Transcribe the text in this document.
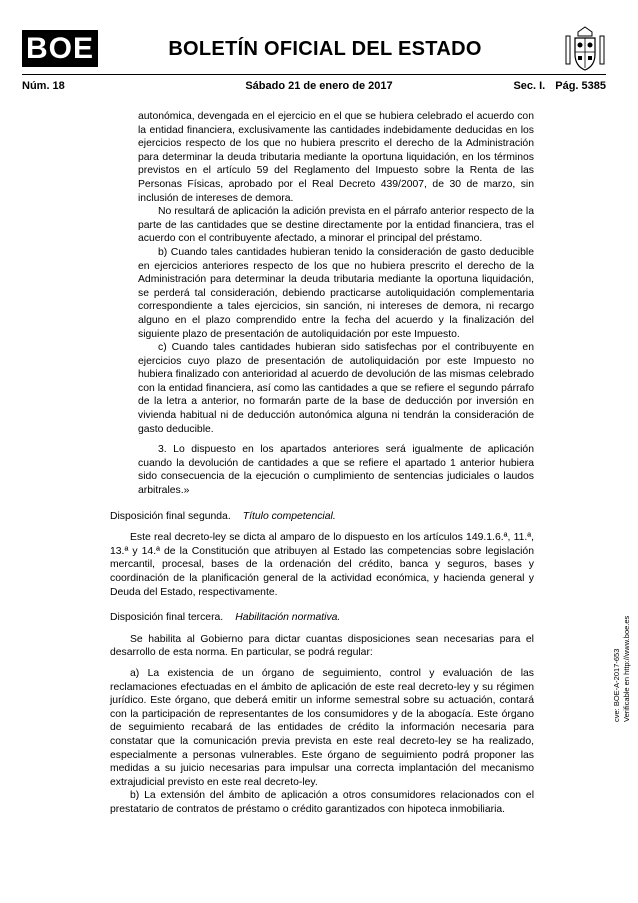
BOE	BOLETÍN OFICIAL DEL ESTADO
Núm. 18	Sábado 21 de enero de 2017	Sec. I. Pág. 5385

autonómica, devengada en el ejercicio en el que se hubiera celebrado el acuerdo con la entidad financiera, exclusivamente las cantidades indebidamente deducidas en los ejercicios respecto de los que no hubiera prescrito el derecho de la Administración para determinar la deuda tributaria mediante la oportuna liquidación, en los términos previstos en el artículo 59 del Reglamento del Impuesto sobre la Renta de las Personas Físicas, aprobado por el Real Decreto 439/2007, de 30 de marzo, sin inclusión de intereses de demora.

No resultará de aplicación la adición prevista en el párrafo anterior respecto de la parte de las cantidades que se destine directamente por la entidad financiera, tras el acuerdo con el contribuyente afectado, a minorar el principal del préstamo.

b) Cuando tales cantidades hubieran tenido la consideración de gasto deducible en ejercicios anteriores respecto de los que no hubiera prescrito el derecho de la Administración para determinar la deuda tributaria mediante la oportuna liquidación, se perderá tal consideración, debiendo practicarse autoliquidación complementaria correspondiente a tales ejercicios, sin sanción, ni intereses de demora, ni recargo alguno en el plazo comprendido entre la fecha del acuerdo y la finalización del siguiente plazo de presentación de autoliquidación por este Impuesto.

c) Cuando tales cantidades hubieran sido satisfechas por el contribuyente en ejercicios cuyo plazo de presentación de autoliquidación por este Impuesto no hubiera finalizado con anterioridad al acuerdo de devolución de las mismas celebrado con la entidad financiera, así como las cantidades a que se refiere el segundo párrafo de la letra a anterior, no formarán parte de la base de deducción por inversión en vivienda habitual ni de deducción autonómica alguna ni tendrán la consideración de gasto deducible.

3. Lo dispuesto en los apartados anteriores será igualmente de aplicación cuando la devolución de cantidades a que se refiere el apartado 1 anterior hubiera sido consecuencia de la ejecución o cumplimiento de sentencias judiciales o laudos arbitrales.»

Disposición final segunda. Título competencial.

Este real decreto-ley se dicta al amparo de lo dispuesto en los artículos 149.1.6.ª, 11.ª, 13.ª y 14.ª de la Constitución que atribuyen al Estado las competencias sobre legislación mercantil, procesal, bases de la ordenación del crédito, banca y seguros, bases y coordinación de la planificación general de la actividad económica, y hacienda general y Deuda del Estado, respectivamente.

Disposición final tercera. Habilitación normativa.

Se habilita al Gobierno para dictar cuantas disposiciones sean necesarias para el desarrollo de esta norma. En particular, se podrá regular:

a) La existencia de un órgano de seguimiento, control y evaluación de las reclamaciones efectuadas en el ámbito de aplicación de este real decreto-ley y su régimen jurídico. Este órgano, que deberá emitir un informe semestral sobre su actuación, contará con la participación de representantes de los consumidores y de la abogacía. Este órgano de seguimiento recabará de las entidades de crédito la información necesaria para constatar que la comunicación previa prevista en este real decreto-ley se ha realizado, especialmente a personas vulnerables. Este órgano de seguimiento podrá proponer las medidas a su juicio necesarias para impulsar una correcta implantación del mecanismo extrajudicial previsto en este real decreto-ley.

b) La extensión del ámbito de aplicación a otros consumidores relacionados con el prestatario de contratos de préstamo o crédito garantizados con hipoteca inmobiliaria.

cve: BOE-A-2017-653 Verificable en http://www.boe.es
